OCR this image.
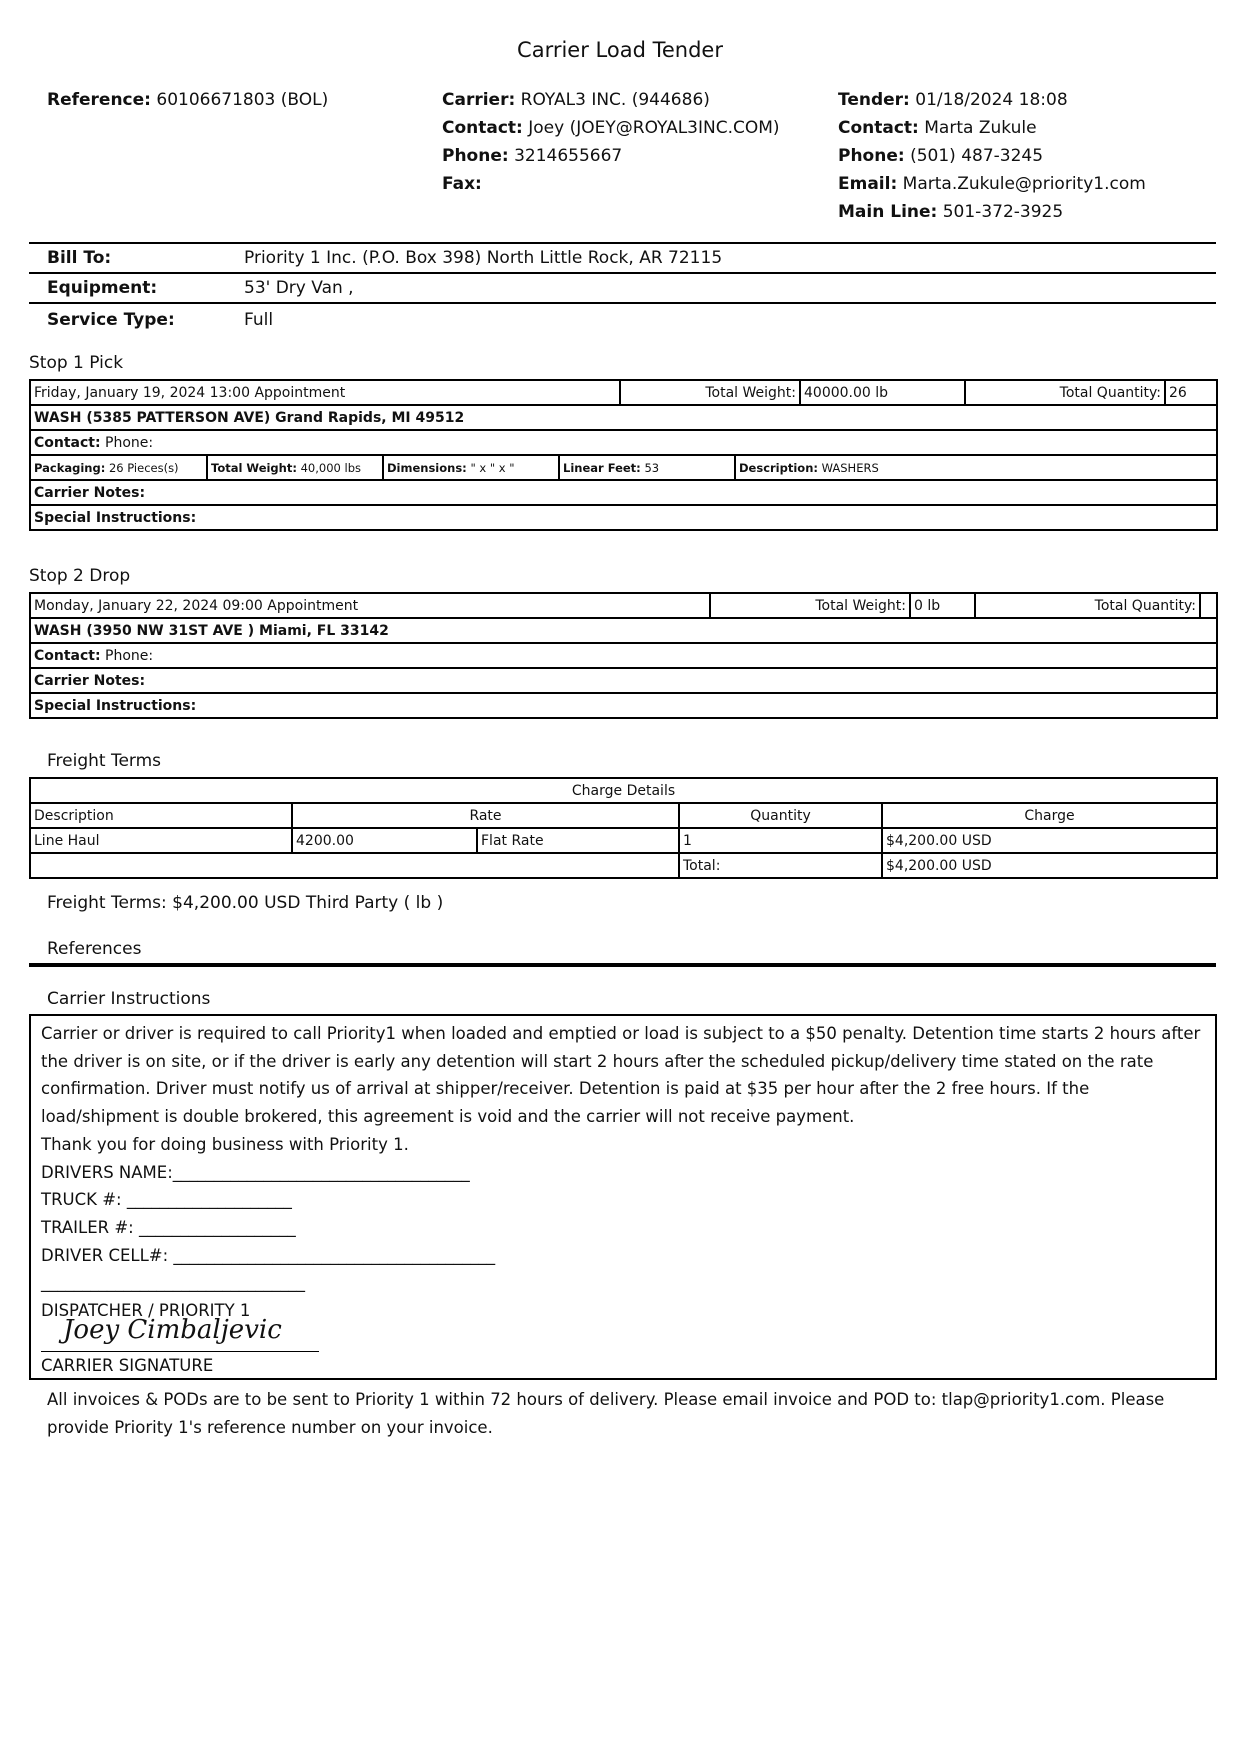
Carrier Load Tender
Reference: 60106671803 (BOL)	Carrier: ROYAL3 INC. (944686)
Contact: Joey (JOEY@ROYAL3INC.COM)
Phone: 3214655667
Fax:
Tender: 01/18/2024 18:08
Contact: Marta Zukule
Phone: (501) 487-3245
Email: Marta.Zukule@priority1.com
Main Line: 501-372-3925
Bill To:	Priority 1 Inc. (P.O. Box 398) North Little Rock, AR 72115
Equipment:	53' Dry Van ,
Service Type:	Full
Stop 1 Pick
Friday, January 19, 2024 13:00 Appointment	Total Weight:	40000.00 lb	Total Quantity:	26
WASH (5385 PATTERSON AVE) Grand Rapids, MI 49512
Contact: Phone:

Packaging: 26 Pieces(s)	Total Weight: 40,000 lbs	Dimensions: " x " x "	Linear Feet: 53	Description: WASHERS

Carrier Notes:
Special Instructions:
Stop 2 Drop
Monday, January 22, 2024 09:00 Appointment	Total Weight:	0 lb	Total Quantity:	
WASH (3950 NW 31ST AVE ) Miami, FL 33142
Contact: Phone:
Carrier Notes:
Special Instructions:
Freight Terms
Charge Details				
Description	Rate		Quantity	Charge
Line Haul	4200.00	Flat Rate	1	$4,200.00 USD
			Total:	$4,200.00 USD
Freight Terms: $4,200.00 USD Third Party ( lb )
References
Carrier Instructions
Carrier or driver is required to call Priority1 when loaded and emptied or load is subject to a $50 penalty. Detention time starts 2 hours after
the driver is on site, or if the driver is early any detention will start 2 hours after the scheduled pickup/delivery time stated on the rate
confirmation. Driver must notify us of arrival at shipper/receiver. Detention is paid at $35 per hour after the 2 free hours. If the
load/shipment is double brokered, this agreement is void and the carrier will not receive payment.
Thank you for doing business with Priority 1.
DRIVERS NAME:____________________________________
TRUCK #: ____________________
TRAILER #: ___________________
DRIVER CELL#: _______________________________________
________________________________
DISPATCHER / PRIORITY 1
Joey Cimbaljevic
CARRIER SIGNATURE
All invoices & PODs are to be sent to Priority 1 within 72 hours of delivery. Please email invoice and POD to: tlap@priority1.com. Please
provide Priority 1's reference number on your invoice.
